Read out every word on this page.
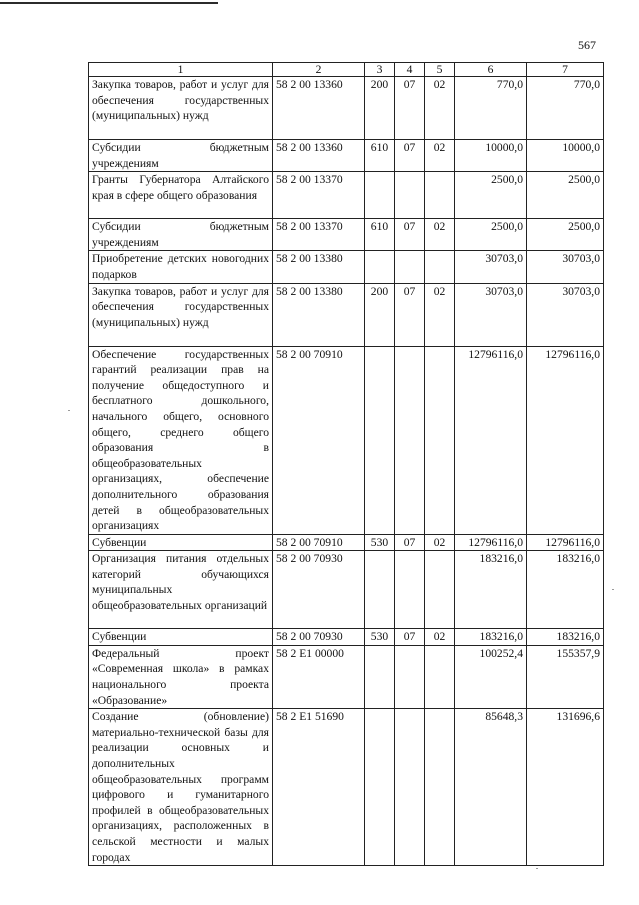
567
1	2	3	4	5	6	7
Закупка товаров, работ и услуг для обеспечения государственных (муниципальных) нужд	58 2 00 13360	200	07	02	770,0	770,0
Субсидии бюджетным учреждениям	58 2 00 13360	610	07	02	10000,0	10000,0
Гранты Губернатора Алтайского края в сфере общего образования	58 2 00 13370				2500,0	2500,0
Субсидии бюджетным учреждениям	58 2 00 13370	610	07	02	2500,0	2500,0
Приобретение детских новогодних подарков	58 2 00 13380				30703,0	30703,0
Закупка товаров, работ и услуг для обеспечения государственных (муниципальных) нужд	58 2 00 13380	200	07	02	30703,0	30703,0
Обеспечение государственных гарантий реализации прав на получение общедоступного и бесплатного дошкольного, начального общего, основного общего, среднего общего образования в общеобразовательных организациях, обеспечение дополнительного образования детей в общеобразовательных организациях	58 2 00 70910				12796116,0	12796116,0
Субвенции	58 2 00 70910	530	07	02	12796116,0	12796116,0
Организация питания отдельных категорий обучающихся муниципальных общеобразовательных организаций	58 2 00 70930				183216,0	183216,0
Субвенции	58 2 00 70930	530	07	02	183216,0	183216,0
Федеральный проект «Современная школа» в рамках национального проекта «Образование»	58 2 E1 00000				100252,4	155357,9
Создание (обновление) материально-технической базы для реализации основных и дополнительных общеобразовательных программ цифрового и гуманитарного профилей в общеобразовательных организациях, расположенных в сельской местности и малых городах	58 2 E1 51690				85648,3	131696,6
